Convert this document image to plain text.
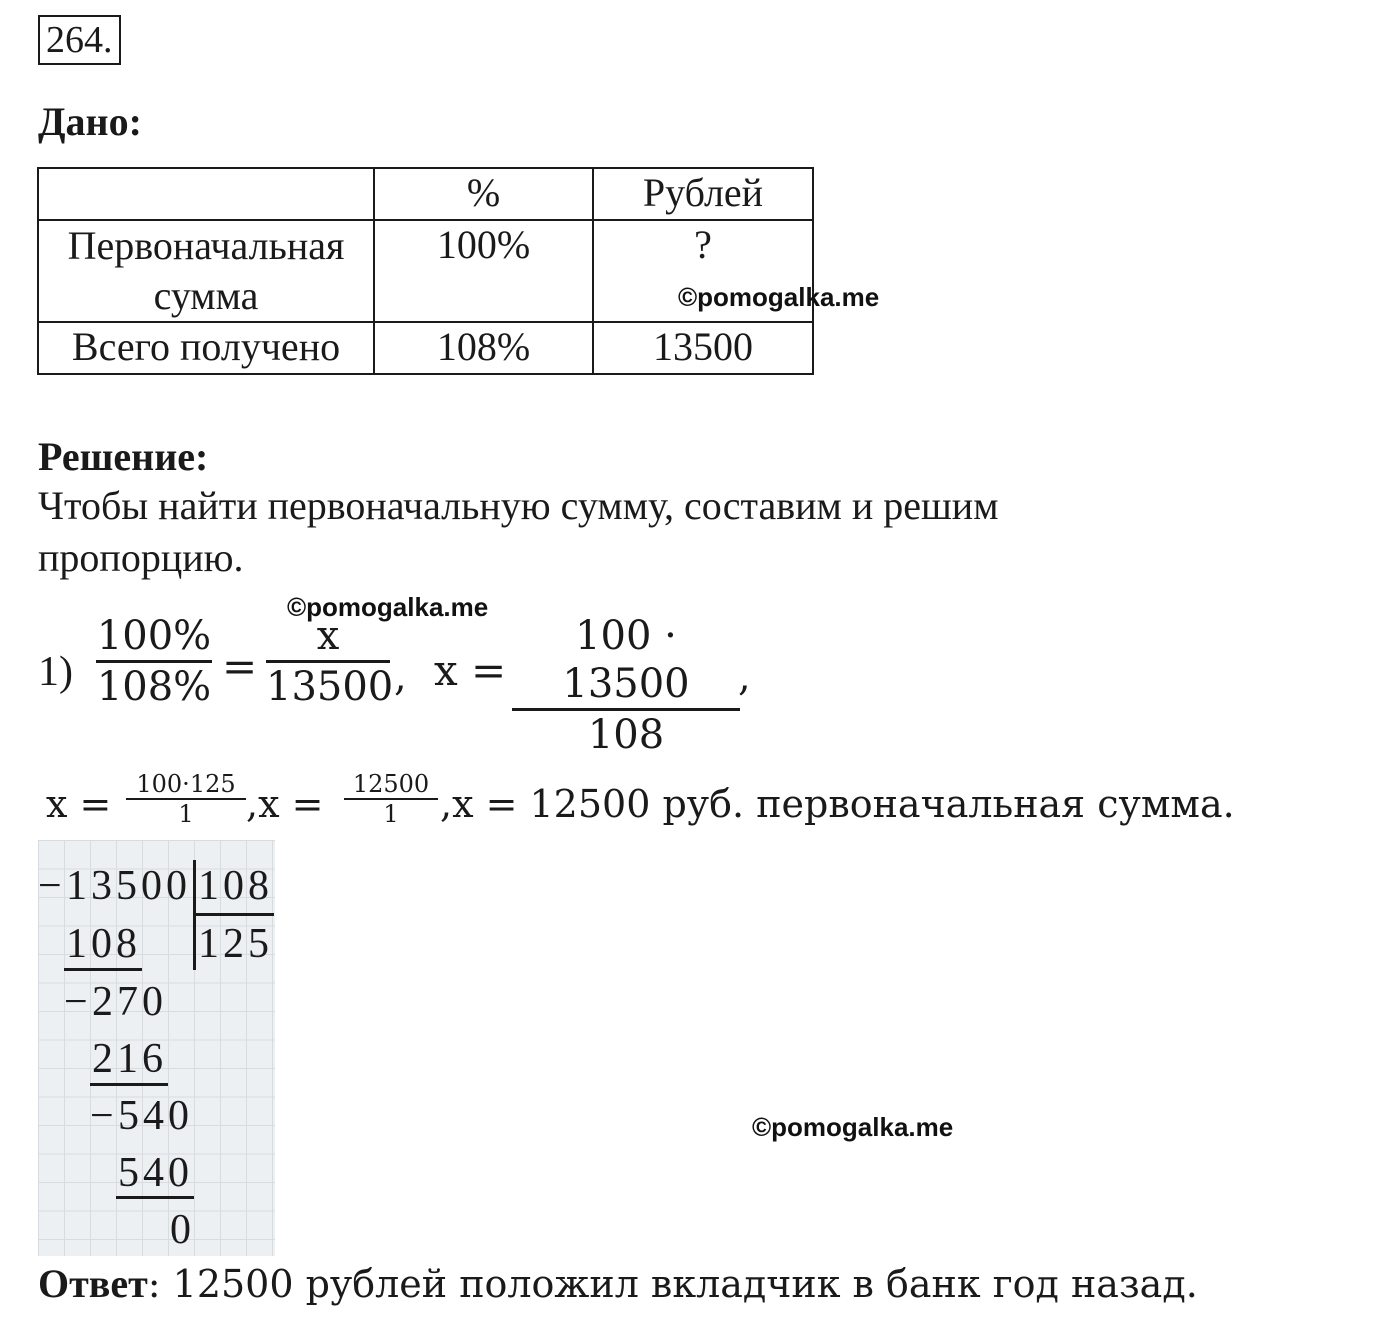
264.
Дано:
	%	Рублей

Первоначальная
сумма	100%	?
Всего получено	108%	13500
©pomogalka.me
Решение:
Чтобы найти первоначальную сумму, составим и решим
пропорцию.
©pomogalka.me
1)
100%
108% =
x
13500 , x =
100 · 13500
108
,
x =	100·125
1	,x =	12500
1	,x = 12500 руб. первоначальная сумма.
− 13500 108
125
108
− 270
216
− 540
540
0
©pomogalka.me
Ответ: 12500 рублей положил вкладчик в банк год назад.
